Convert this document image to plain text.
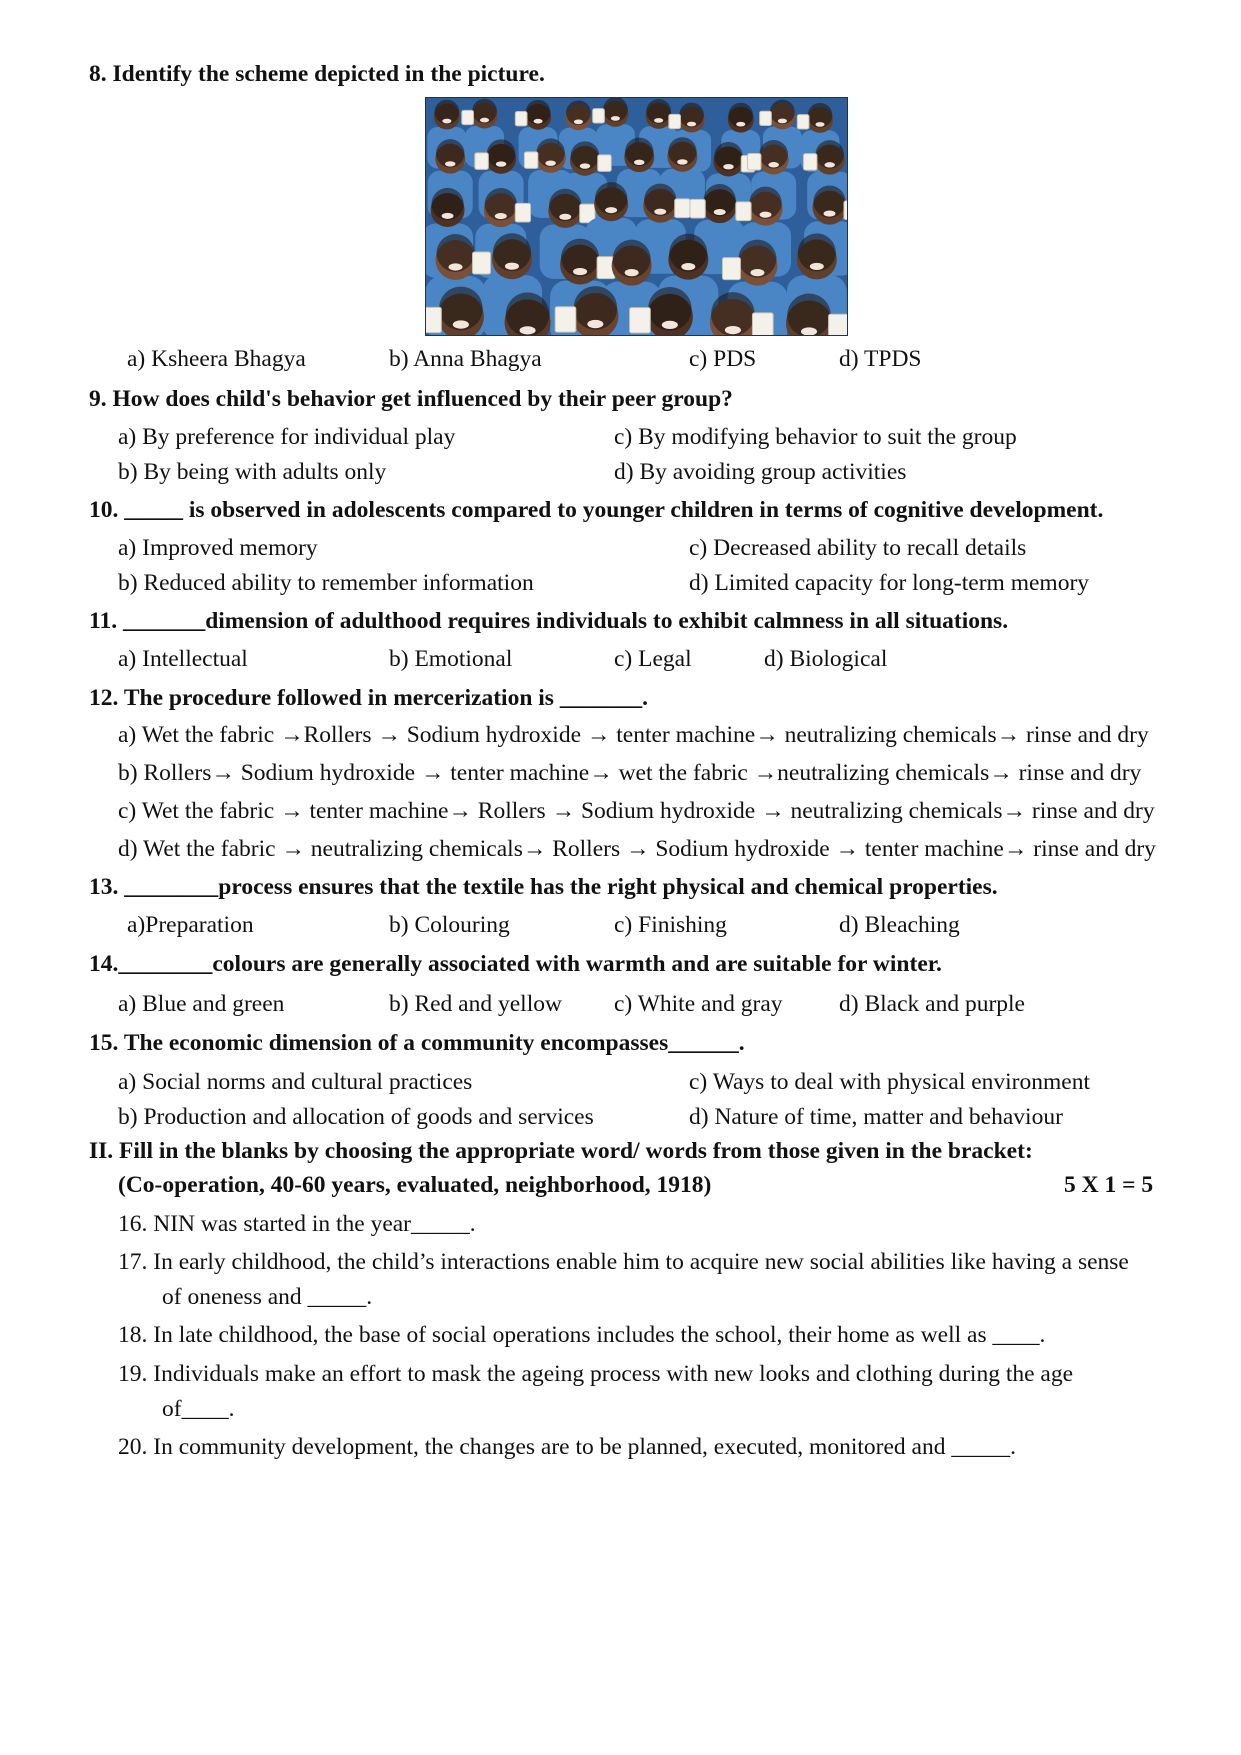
8. Identify the scheme depicted in the picture.
a) Ksheera Bhagya	b) Anna Bhagya	c) PDS	d) TPDS
9. How does child's behavior get influenced by their peer group?
a) By preference for individual play	c) By modifying behavior to suit the group
b) By being with adults only	d) By avoiding group activities
10. _____ is observed in adolescents compared to younger children in terms of cognitive development.
a) Improved memory	c) Decreased ability to recall details
b) Reduced ability to remember information	d) Limited capacity for long-term memory
11. _______dimension of adulthood requires individuals to exhibit calmness in all situations.
a) Intellectual	b) Emotional	c) Legal	d) Biological
12. The procedure followed in mercerization is _______.
a) Wet the fabric →Rollers → Sodium hydroxide → tenter machine→ neutralizing chemicals→ rinse and dry
b) Rollers→ Sodium hydroxide → tenter machine→ wet the fabric →neutralizing chemicals→ rinse and dry
c) Wet the fabric → tenter machine→ Rollers → Sodium hydroxide → neutralizing chemicals→ rinse and dry
d) Wet the fabric → neutralizing chemicals→ Rollers → Sodium hydroxide → tenter machine→ rinse and dry
13. ________process ensures that the textile has the right physical and chemical properties.
a)Preparation	b) Colouring	c) Finishing	d) Bleaching
14.________colours are generally associated with warmth and are suitable for winter.
a) Blue and green	b) Red and yellow c) White and gray d) Black and purple
15. The economic dimension of a community encompasses______.
a) Social norms and cultural practices	c) Ways to deal with physical environment
b) Production and allocation of goods and services	d) Nature of time, matter and behaviour
II. Fill in the blanks by choosing the appropriate word/ words from those given in the bracket:
(Co-operation, 40-60 years, evaluated, neighborhood, 1918)	5 X 1 = 5
16. NIN was started in the year_____.
17. In early childhood, the child’s interactions enable him to acquire new social abilities like having a sense
of oneness and _____.
18. In late childhood, the base of social operations includes the school, their home as well as ____.
19. Individuals make an effort to mask the ageing process with new looks and clothing during the age
of____.
20. In community development, the changes are to be planned, executed, monitored and _____.
